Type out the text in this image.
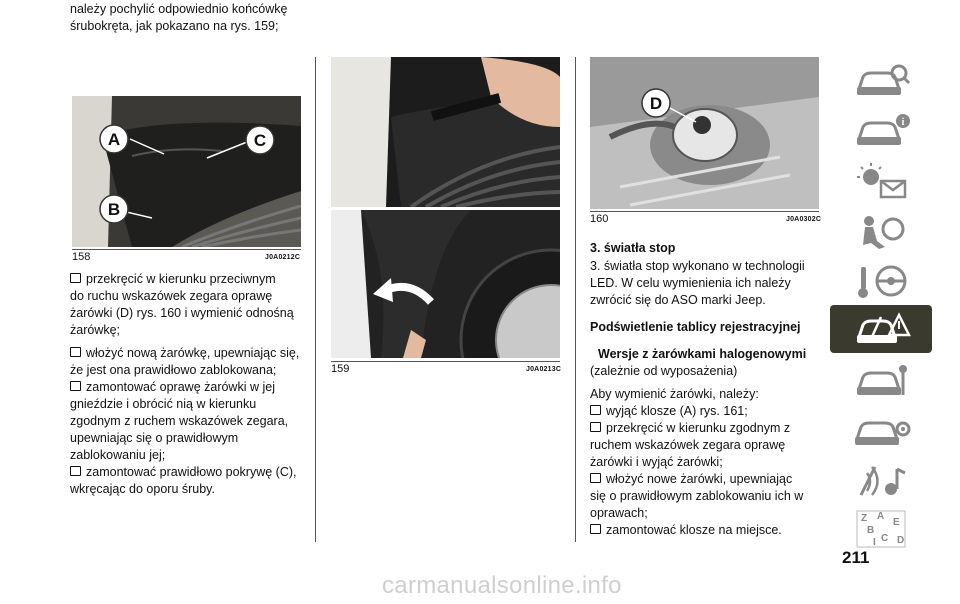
należy pochylić odpowiednio końcówkę

śrubokręta, jak pokazano na rys. 159;

A	C
B
158	J0A0212C

przekręcić w kierunku przeciwnym

do ruchu wskazówek zegara oprawę

żarówki (D) rys. 160 i wymienić odnośną

żarówkę;

włożyć nową żarówkę, upewniając się,

że jest ona prawidłowo zablokowana;

zamontować oprawę żarówki w jej

gnieździe i obrócić nią w kierunku

zgodnym z ruchem wskazówek zegara,

upewniając się o prawidłowym

zablokowaniu jej;

zamontować prawidłowo pokrywę (C),

wkręcając do oporu śruby.

159	J0A0213C
D
160	J0A0302C

3. światła stop

3. światła stop wykonano w technologii

LED. W celu wymienienia ich należy

zwrócić się do ASO marki Jeep.

Podświetlenie tablicy rejestracyjnej

Wersje z żarówkami halogenowymi

(zależnie od wyposażenia)

Aby wymienić żarówki, należy:

wyjąć klosze (A) rys. 161;

przekręcić w kierunku zgodnym z

ruchem wskazówek zegara oprawę

żarówki i wyjąć żarówki;

włożyć nowe żarówki, upewniając

się o prawidłowym zablokowaniu ich w

oprawach;

zamontować klosze na miejsce.

i
Z A
B
E
C D
I
211
carmanualsonline.info
